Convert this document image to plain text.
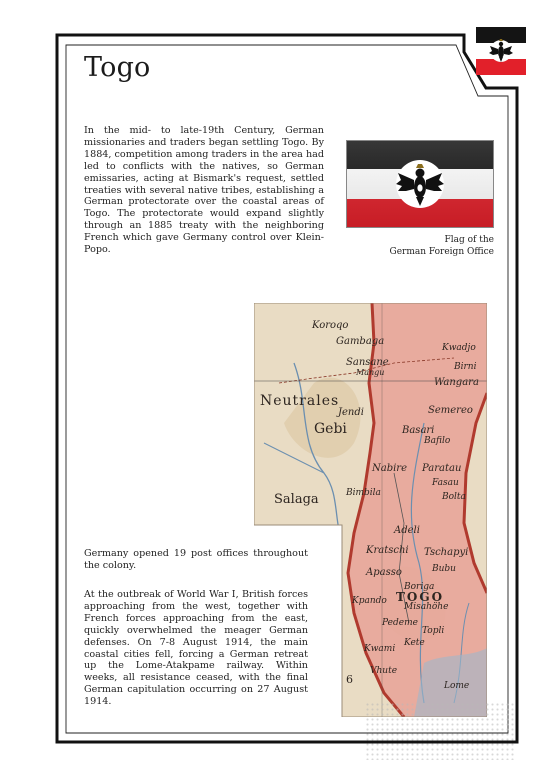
Togo

In the mid- to late-19th Century, German missionaries and traders began settling Togo. By 1884, competition among traders in the area had led to conflicts with the natives, so German emissaries, acting at Bismark's request, settled treaties with several native tribes, establishing a German protectorate over the coastal areas of Togo. The protectorate would expand slightly through an 1885 treaty with the neighboring French which gave Germany control over Klein-Popo.

Flag of the
German Foreign Office
Koroqo
Gambaga
Sansane
Mangu
Kwadjo
Birni
Wangara
Neutrales
Gebi
Jendi	Semereo
Basari
Bafilo
Nabire Paratau
Fasau
Salaga	Bimbila	Bolta
Adeli
Kratschi Tschapyi
Bubu
Apasso
Boriga
TOGO
Kpando
Misahöhe
Pedeme
Topli
Kwami
Kete
Vhute
Lome
6

Germany opened 19 post offices throughout the colony.

At the outbreak of World War I, British forces approaching from the west, together with French forces approaching from the east, quickly overwhelmed the meager German defenses. On 7-8 August 1914, the main coastal cities fell, forcing a German retreat up the Lome-Atakpame railway. Within weeks, all resistance ceased, with the final German capitulation occurring on 27 August 1914.
